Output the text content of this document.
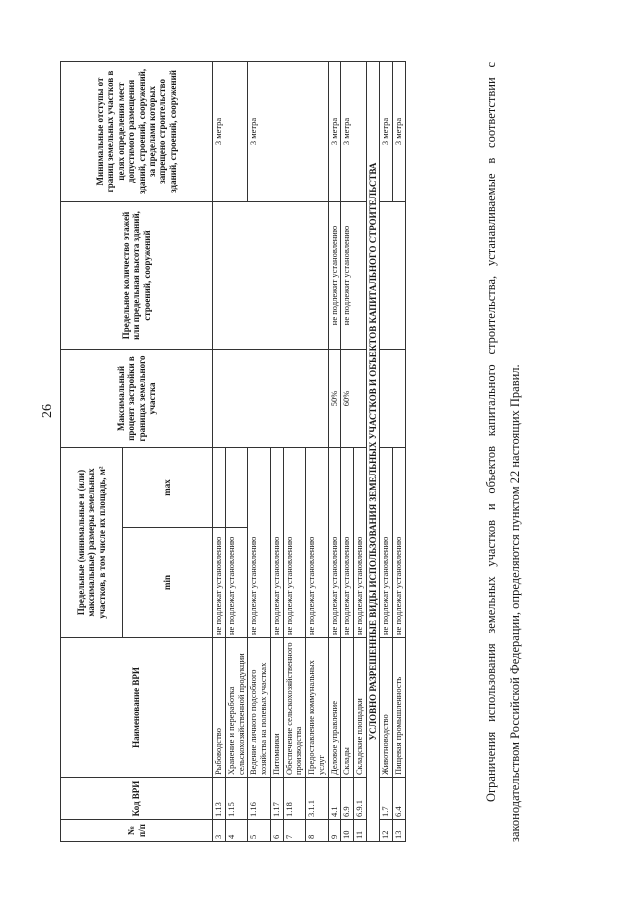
26
№ п/п	Код ВРИ	Наименование ВРИ	Предельные (минимальные и (или) максимальные) размеры земельных участков, в том числе их площадь, м²		Максимальный процент застройки в границах земельного участка	Предельное количество этажей или предельная высота зданий, строений, сооружений	Минимальные отступы от границ земельных участков в целях определения мест допустимого размещения зданий, строений, сооружений, за пределами которых запрещено строительство зданий, строений, сооружений
			min	max			
3	1.13	Рыбоводство	не подлежат установлению				3 метра
4	1.15	Хранение и переработка сельскохозяйственной продукции	не подлежат установлению				
5	1.16	Ведение личного подсобного хозяйства на полевых участках	не подлежат установлению				3 метра
6	1.17	Питомники	не подлежат установлению				
7	1.18	Обеспечение сельскохозяйственного производства	не подлежат установлению				
8	3.1.1	Предоставление коммунальных услуг	не подлежат установлению				
9	4.1	Деловое управление	не подлежат установлению		50%	не подлежит установлению	3 метра
10	6.9	Склады	не подлежат установлению		60%	не подлежит установлению	3 метра
11	6.9.1	Складские площадки	не подлежат установлению				
УСЛОВНО РАЗРЕШЕННЫЕ ВИДЫ ИСПОЛЬЗОВАНИЯ ЗЕМЕЛЬНЫХ УЧАСТКОВ И ОБЪЕКТОВ КАПИТАЛЬНОГО СТРОИТЕЛЬСТВА							
12	1.7	Животноводство	не подлежат установлению				3 метра
13	6.4	Пищевая промышленность	не подлежат установлению				3 метра	Ограничения использования земельных участков и объектов капитального строительства, устанавливаемые в соответствии с законодательством Российской Федерации, определяются пунктом 22 настоящих Правил.
